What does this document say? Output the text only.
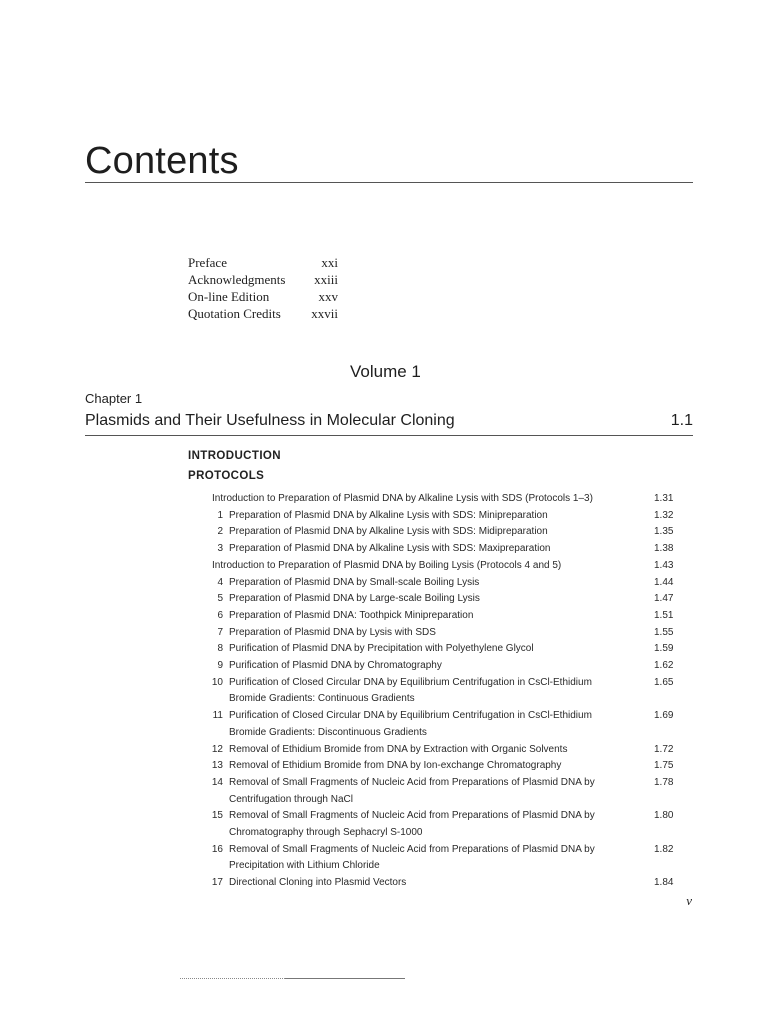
Contents
Preface	xxi
Acknowledgments xxiii
On-line Edition	xxv
Quotation Credits xxvii
Volume 1
Chapter 1
Plasmids and Their Usefulness in Molecular Cloning	1.1
INTRODUCTION
PROTOCOLS
Introduction to Preparation of Plasmid DNA by Alkaline Lysis with SDS (Protocols 1–3)	1.31
1 Preparation of Plasmid DNA by Alkaline Lysis with SDS: Minipreparation	1.32
2 Preparation of Plasmid DNA by Alkaline Lysis with SDS: Midipreparation	1.35
3 Preparation of Plasmid DNA by Alkaline Lysis with SDS: Maxipreparation	1.38
Introduction to Preparation of Plasmid DNA by Boiling Lysis (Protocols 4 and 5)	1.43
4 Preparation of Plasmid DNA by Small-scale Boiling Lysis	1.44
5 Preparation of Plasmid DNA by Large-scale Boiling Lysis	1.47
6 Preparation of Plasmid DNA: Toothpick Minipreparation	1.51
7 Preparation of Plasmid DNA by Lysis with SDS	1.55
8 Purification of Plasmid DNA by Precipitation with Polyethylene Glycol	1.59
9 Purification of Plasmid DNA by Chromatography	1.62
10 Purification of Closed Circular DNA by Equilibrium Centrifugation in CsCl-Ethidium
Bromide Gradients: Continuous Gradients
1.65
11 Purification of Closed Circular DNA by Equilibrium Centrifugation in CsCl-Ethidium
Bromide Gradients: Discontinuous Gradients
1.69
12 Removal of Ethidium Bromide from DNA by Extraction with Organic Solvents	1.72
13 Removal of Ethidium Bromide from DNA by Ion-exchange Chromatography	1.75
14 Removal of Small Fragments of Nucleic Acid from Preparations of Plasmid DNA by
Centrifugation through NaCl
1.78
15 Removal of Small Fragments of Nucleic Acid from Preparations of Plasmid DNA by
Chromatography through Sephacryl S-1000
1.80
16 Removal of Small Fragments of Nucleic Acid from Preparations of Plasmid DNA by
Precipitation with Lithium Chloride
1.82
17 Directional Cloning into Plasmid Vectors	1.84
v
